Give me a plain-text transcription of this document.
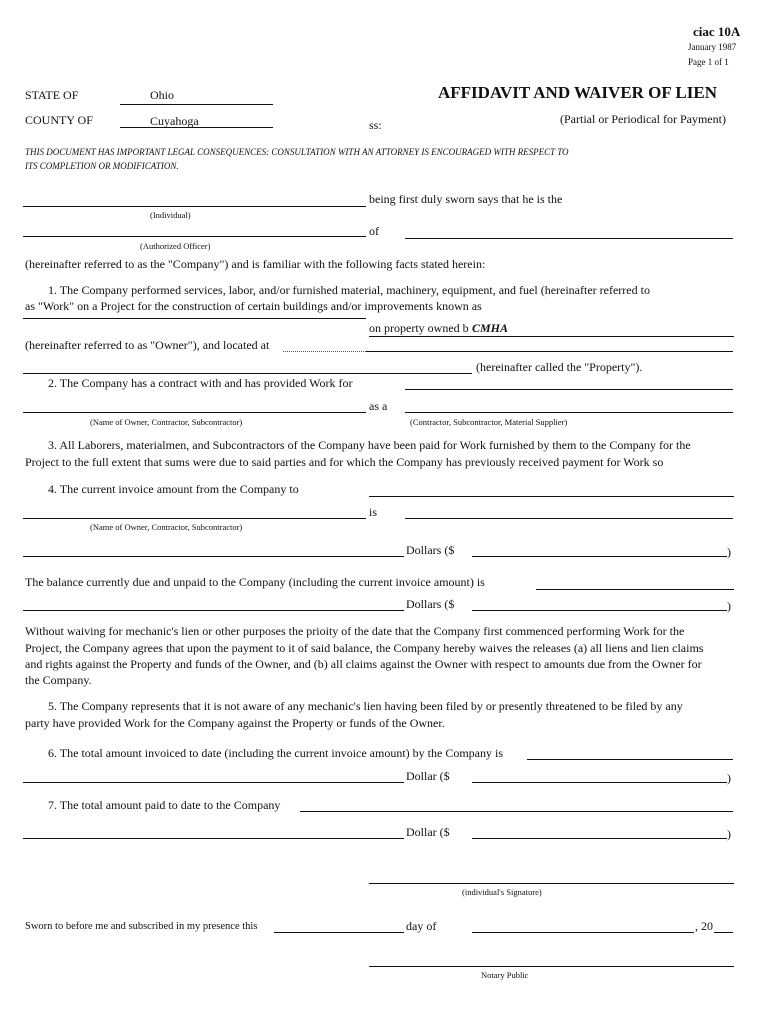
ciac 10A
January 1987
Page 1 of 1
STATE OF	Ohio
COUNTY OF	Cuyahoga	ss:
AFFIDAVIT AND WAIVER OF LIEN
(Partial or Periodical for Payment)
THIS DOCUMENT HAS IMPORTANT LEGAL CONSEQUENCES: CONSULTATION WITH AN ATTORNEY IS ENCOURAGED WITH RESPECT TO
ITS COMPLETION OR MODIFICATION.
being first duly sworn says that he is the
(Individual)
of
(Authorized Officer)
(hereinafter referred to as the "Company") and is familiar with the following facts stated herein:
1. The Company performed services, labor, and/or furnished material, machinery, equipment, and fuel (hereinafter referred to
as "Work" on a Project for the construction of certain buildings and/or improvements known as
on property owned b CMHA
(hereinafter referred to as "Owner"), and located at
(hereinafter called the "Property").
2. The Company has a contract with and has provided Work for
as a
(Name of Owner, Contractor, Subcontractor)	(Contractor, Subcontractor, Material Supplier)
3. All Laborers, materialmen, and Subcontractors of the Company have been paid for Work furnished by them to the Company for the
Project to the full extent that sums were due to said parties and for which the Company has previously received payment for Work so
4. The current invoice amount from the Company to
is
(Name of Owner, Contractor, Subcontractor)
Dollars ($	)
The balance currently due and unpaid to the Company (including the current invoice amount) is
Dollars ($	)
Without waiving for mechanic's lien or other purposes the prioity of the date that the Company first commenced performing Work for the
Project, the Company agrees that upon the payment to it of said balance, the Company hereby waives the releases (a) all liens and lien claims
and rights against the Property and funds of the Owner, and (b) all claims against the Owner with respect to amounts due from the Owner for
the Company.
5. The Company represents that it is not aware of any mechanic's lien having been filed by or presently threatened to be filed by any
party have provided Work for the Company against the Property or funds of the Owner.
6. The total amount invoiced to date (including the current invoice amount) by the Company is
Dollar ($	)
7. The total amount paid to date to the Company
Dollar ($	)
(individual's Signature)
Sworn to before me and subscribed in my presence this	day of	, 20
Notary Public
